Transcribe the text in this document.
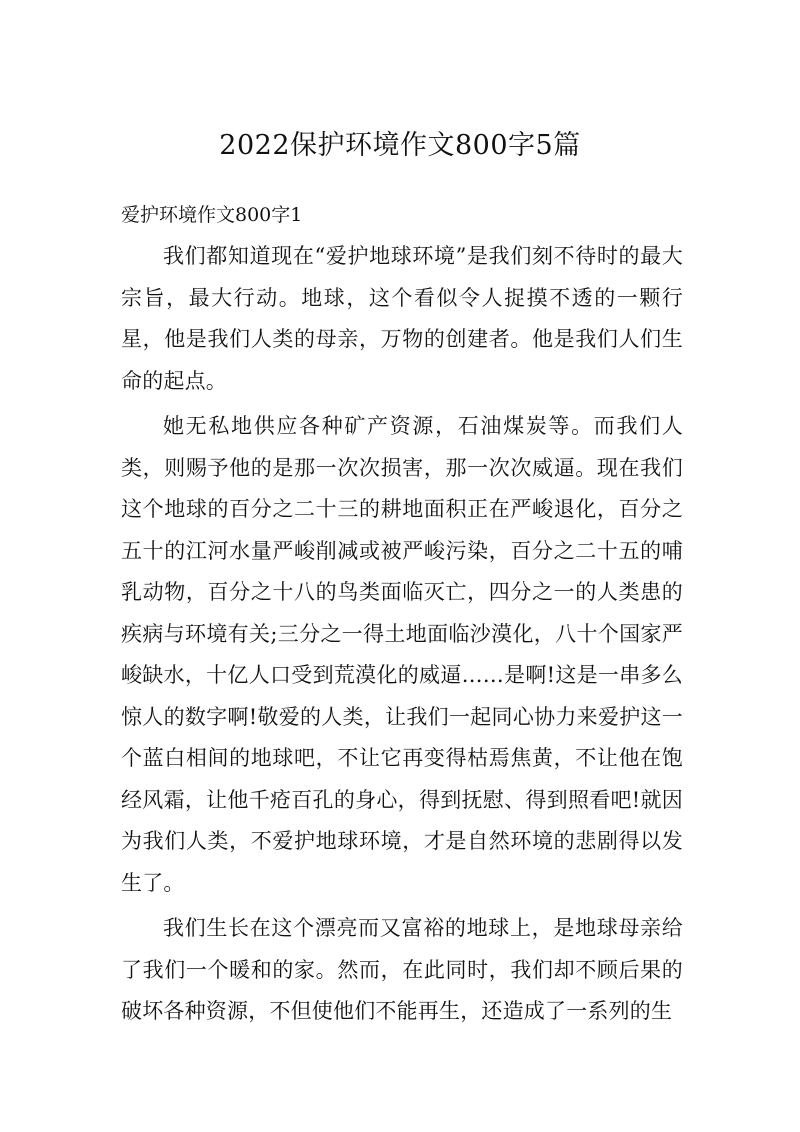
2022保护环境作文800字5篇

爱护环境作文800字1

我们都知道现在“爱护地球环境”是我们刻不待时的最大宗旨，最大行动。地球，这个看似令人捉摸不透的一颗行星，他是我们人类的母亲，万物的创建者。他是我们人们生命的起点。

她无私地供应各种矿产资源，石油煤炭等。而我们人类，则赐予他的是那一次次损害，那一次次威逼。现在我们这个地球的百分之二十三的耕地面积正在严峻退化，百分之五十的江河水量严峻削减或被严峻污染，百分之二十五的哺乳动物，百分之十八的鸟类面临灭亡，四分之一的人类患的疾病与环境有关;三分之一得土地面临沙漠化，八十个国家严峻缺水，十亿人口受到荒漠化的威逼……是啊!这是一串多么惊人的数字啊!敬爱的人类，让我们一起同心协力来爱护这一个蓝白相间的地球吧，不让它再变得枯焉焦黄，不让他在饱经风霜，让他千疮百孔的身心，得到抚慰、得到照看吧!就因为我们人类，不爱护地球环境，才是自然环境的悲剧得以发生了。

我们生长在这个漂亮而又富裕的地球上，是地球母亲给了我们一个暖和的家。然而，在此同时，我们却不顾后果的破坏各种资源，不但使他们不能再生，还造成了一系列的生
